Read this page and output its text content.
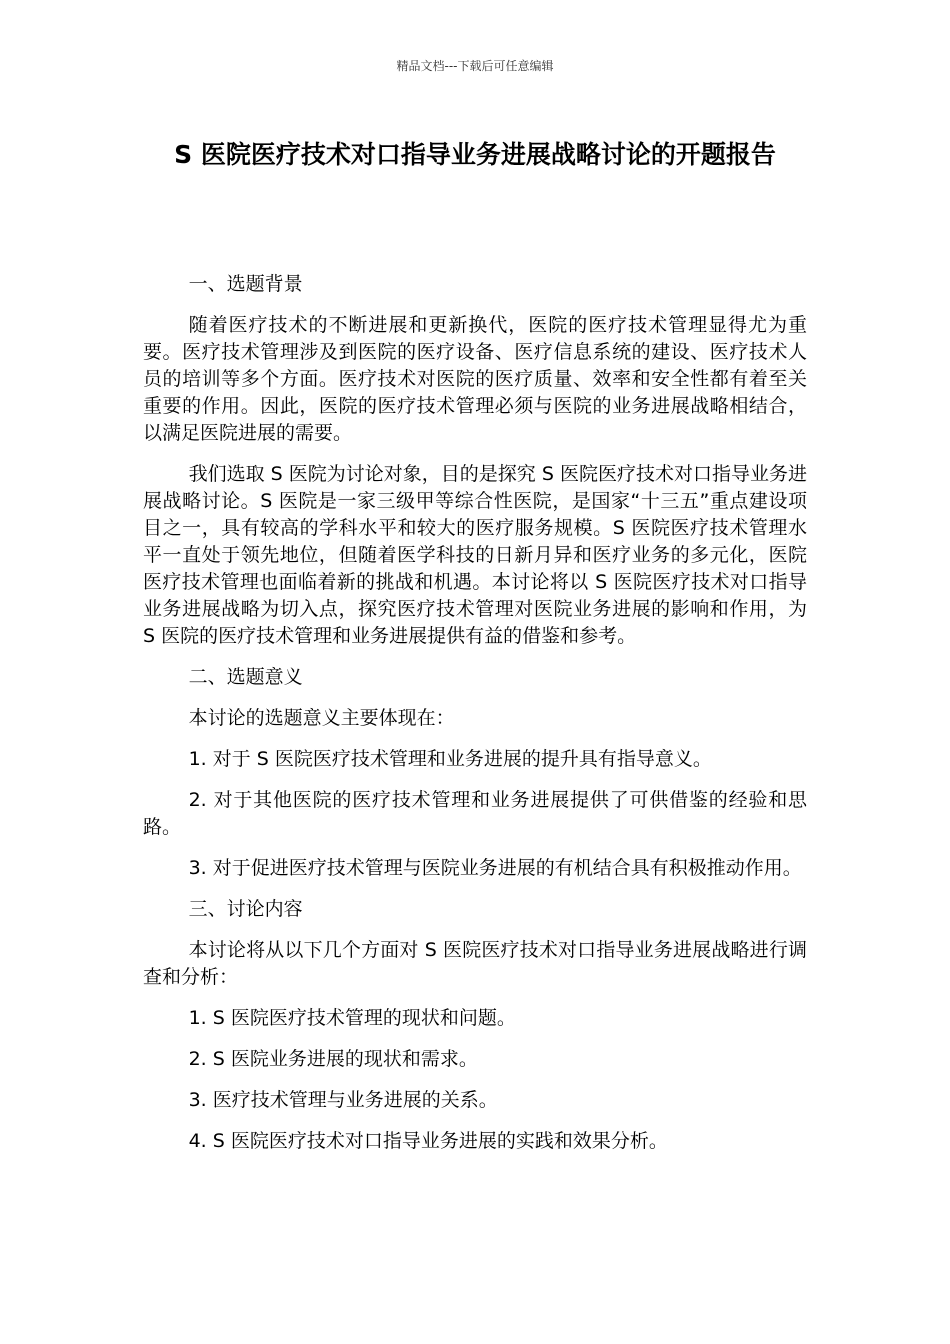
精品文档---下载后可任意编辑
S 医院医疗技术对口指导业务进展战略讨论的开题报告

一、选题背景

随着医疗技术的不断进展和更新换代，医院的医疗技术管理显得尤为重要。医疗技术管理涉及到医院的医疗设备、医疗信息系统的建设、医疗技术人员的培训等多个方面。医疗技术对医院的医疗质量、效率和安全性都有着至关重要的作用。因此，医院的医疗技术管理必须与医院的业务进展战略相结合，以满足医院进展的需要。

我们选取 S 医院为讨论对象，目的是探究 S 医院医疗技术对口指导业务进展战略讨论。S 医院是一家三级甲等综合性医院，是国家“十三五”重点建设项目之一，具有较高的学科水平和较大的医疗服务规模。S 医院医疗技术管理水平一直处于领先地位，但随着医学科技的日新月异和医疗业务的多元化，医院医疗技术管理也面临着新的挑战和机遇。本讨论将以 S 医院医疗技术对口指导业务进展战略为切入点，探究医疗技术管理对医院业务进展的影响和作用，为 S 医院的医疗技术管理和业务进展提供有益的借鉴和参考。

二、选题意义

本讨论的选题意义主要体现在：

1. 对于 S 医院医疗技术管理和业务进展的提升具有指导意义。

2. 对于其他医院的医疗技术管理和业务进展提供了可供借鉴的经验和思路。

3. 对于促进医疗技术管理与医院业务进展的有机结合具有积极推动作用。

三、讨论内容

本讨论将从以下几个方面对 S 医院医疗技术对口指导业务进展战略进行调查和分析：

1. S 医院医疗技术管理的现状和问题。

2. S 医院业务进展的现状和需求。

3. 医疗技术管理与业务进展的关系。

4. S 医院医疗技术对口指导业务进展的实践和效果分析。
